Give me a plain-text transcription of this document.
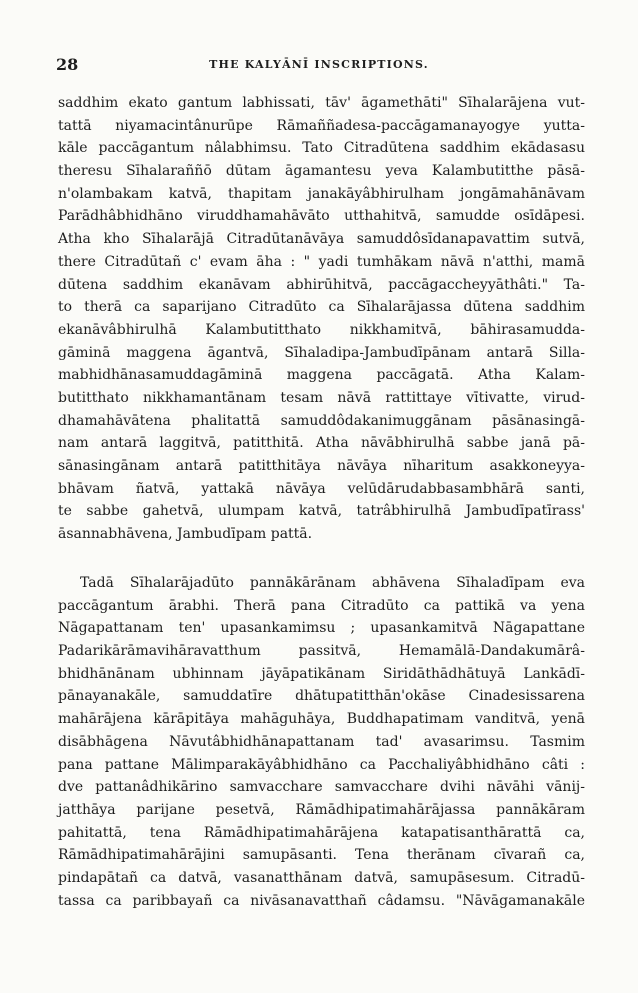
28	THE KALYĀNĪ INSCRIPTIONS.
saddhim ekato gantum labhissati, tāv' āgamethāti" Sīhalarājena vut-
tattā niyamacintânurūpe Rāmaññadesa-paccāgamanayogye yutta-
kāle paccāgantum nâlabhimsu. Tato Citradūtena saddhim ekādasasu
theresu Sīhalaraññō dūtam āgamantesu yeva Kalambutitthe pāsā-
n'olambakam katvā, thapitam janakāyâbhirulham jongāmahānāvam
Parādhâbhidhāno viruddhamahāvāto utthahitvā, samudde osīdāpesi.
Atha kho Sīhalarājā Citradūtanāvāya samuddôsīdanapavattim sutvā,
there Citradūtañ c' evam āha : " yadi tumhākam nāvā n'atthi, mamā
dūtena saddhim ekanāvam abhirūhitvā, paccāgaccheyyāthâti." Ta-
to therā ca saparijano Citradūto ca Sīhalarājassa dūtena saddhim
ekanāvâbhirulhā Kalambutitthato nikkhamitvā, bāhirasamudda-
gāminā maggena āgantvā, Sīhaladipa-Jambudīpānam antarā Silla-
mabhidhānasamuddagāminā maggena paccāgatā. Atha Kalam-
butitthato nikkhamantānam tesam nāvā rattittaye vītivatte, virud-
dhamahāvātena phalitattā samuddôdakanimuggānam pāsānasingā-
nam antarā laggitvā, patitthitā. Atha nāvābhirulhā sabbe janā pā-
sānasingānam antarā patitthitāya nāvāya nīharitum asakkoneyya-
bhāvam ñatvā, yattakā nāvāya velūdārudabbasambhārā santi,
te sabbe gahetvā, ulumpam katvā, tatrâbhirulhā Jambudīpatīrass'
āsannabhāvena, Jambudīpam pattā.
Tadā Sīhalarājadūto pannākārānam abhāvena Sīhaladīpam eva
paccāgantum ārabhi. Therā pana Citradūto ca pattikā va yena
Nāgapattanam ten' upasankamimsu ; upasankamitvā Nāgapattane
Padarikārāmavihāravatthum passitvā, Hemamālā-Dandakumārâ-
bhidhānānam ubhinnam jāyāpatikānam Siridāthādhātuyā Lankādī-
pānayanakāle, samuddatīre dhātupatitthān'okāse Cinadesissarena
mahārājena kārāpitāya mahāguhāya, Buddhapatimam vanditvā, yenā
disābhāgena Nāvutâbhidhānapattanam tad' avasarimsu. Tasmim
pana pattane Mālimparakāyâbhidhāno ca Pacchaliyâbhidhāno câti :
dve pattanâdhikārino samvacchare samvacchare dvihi nāvāhi vānij-
jatthāya parijane pesetvā, Rāmādhipatimahārājassa pannākāram
pahitattā, tena Rāmādhipatimahārājena katapatisanthārattā ca,
Rāmādhipatimahārājini samupāsanti. Tena therānam cīvarañ ca,
pindapātañ ca datvā, vasanatthānam datvā, samupāsesum. Citradū-
tassa ca paribbayañ ca nivāsanavatthañ câdamsu. "Nāvāgamanakāle
